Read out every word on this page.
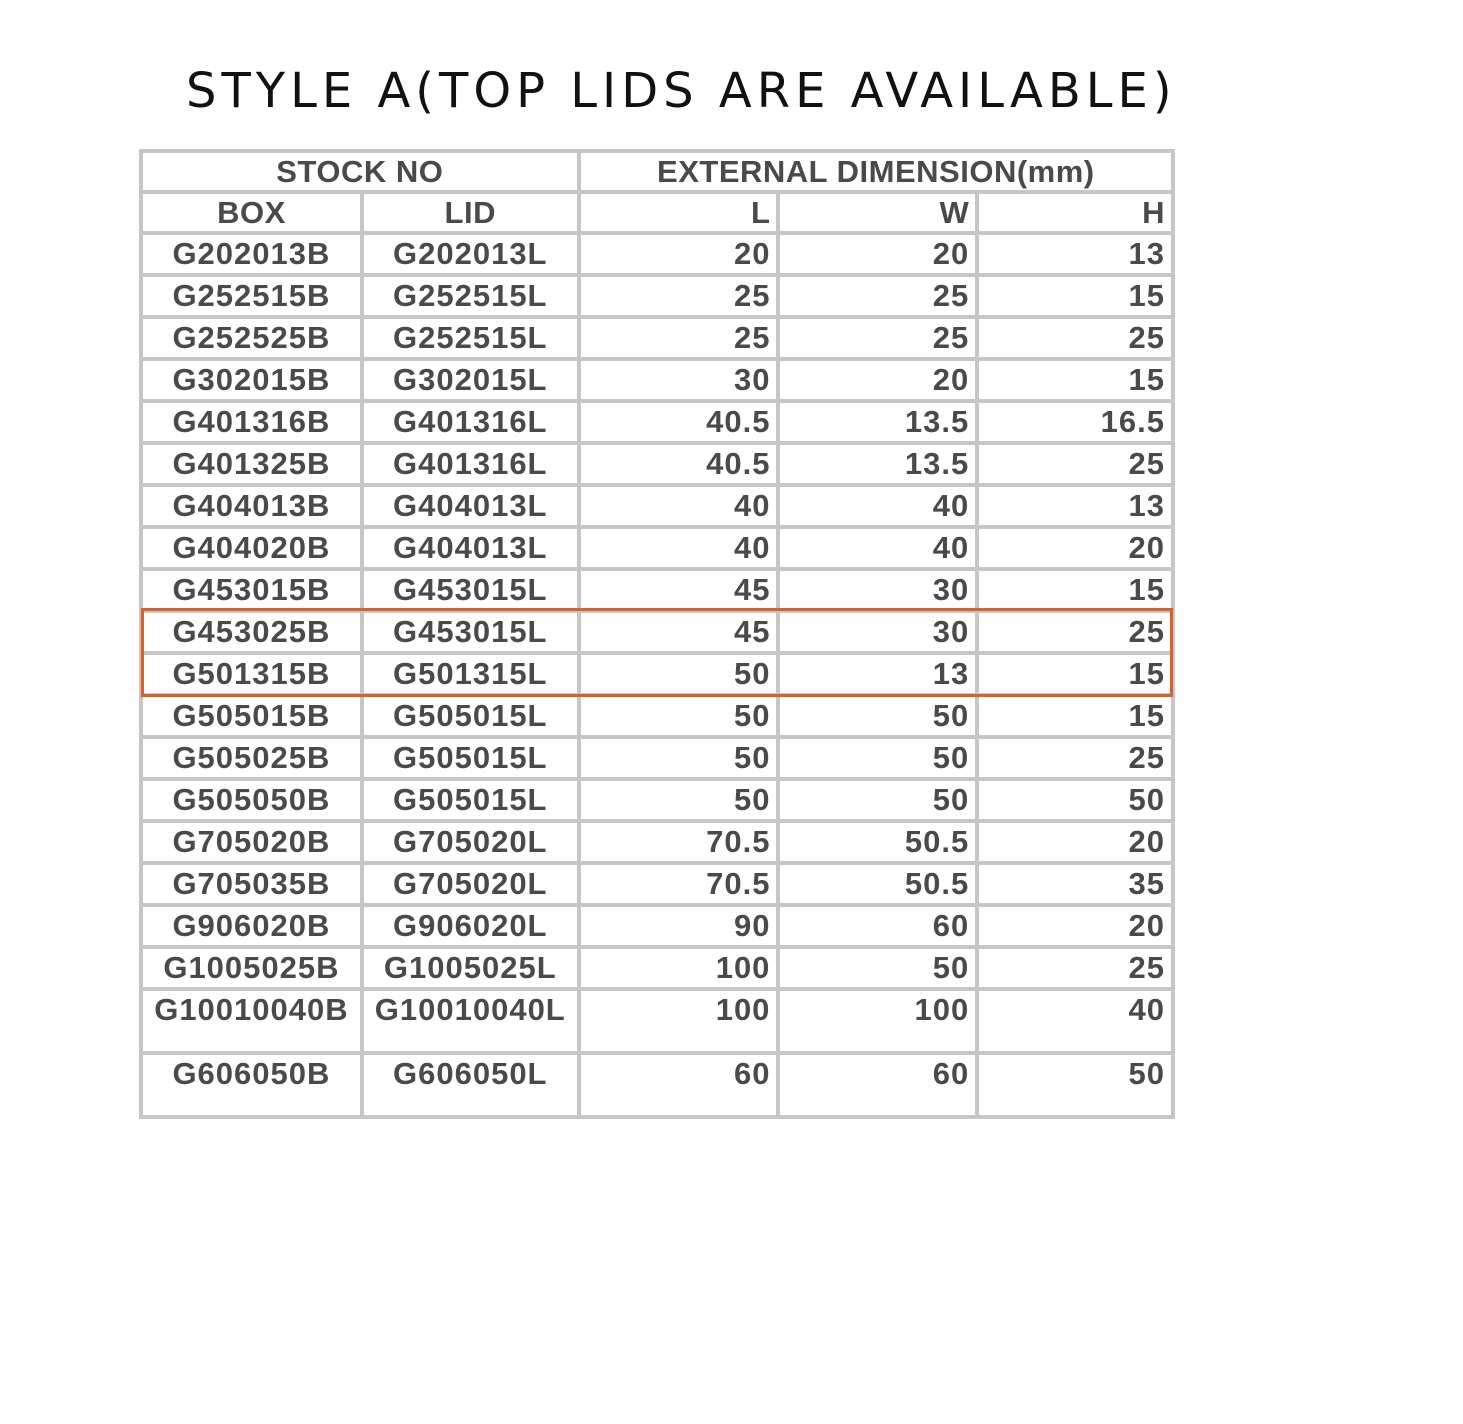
STYLE A(TOP LIDS ARE AVAILABLE)
STOCK NO		EXTERNAL DIMENSION(mm)		
BOX	LID	L	W	H
G202013B	G202013L	20	20	13
G252515B	G252515L	25	25	15
G252525B	G252515L	25	25	25
G302015B	G302015L	30	20	15
G401316B	G401316L	40.5	13.5	16.5
G401325B	G401316L	40.5	13.5	25
G404013B	G404013L	40	40	13
G404020B	G404013L	40	40	20
G453015B	G453015L	45	30	15
G453025B	G453015L	45	30	25
G501315B	G501315L	50	13	15
G505015B	G505015L	50	50	15
G505025B	G505015L	50	50	25
G505050B	G505015L	50	50	50
G705020B	G705020L	70.5	50.5	20
G705035B	G705020L	70.5	50.5	35
G906020B	G906020L	90	60	20
G1005025B	G1005025L	100	50	25
G10010040B	G10010040L	100	100	40
G606050B	G606050L	60	60	50
